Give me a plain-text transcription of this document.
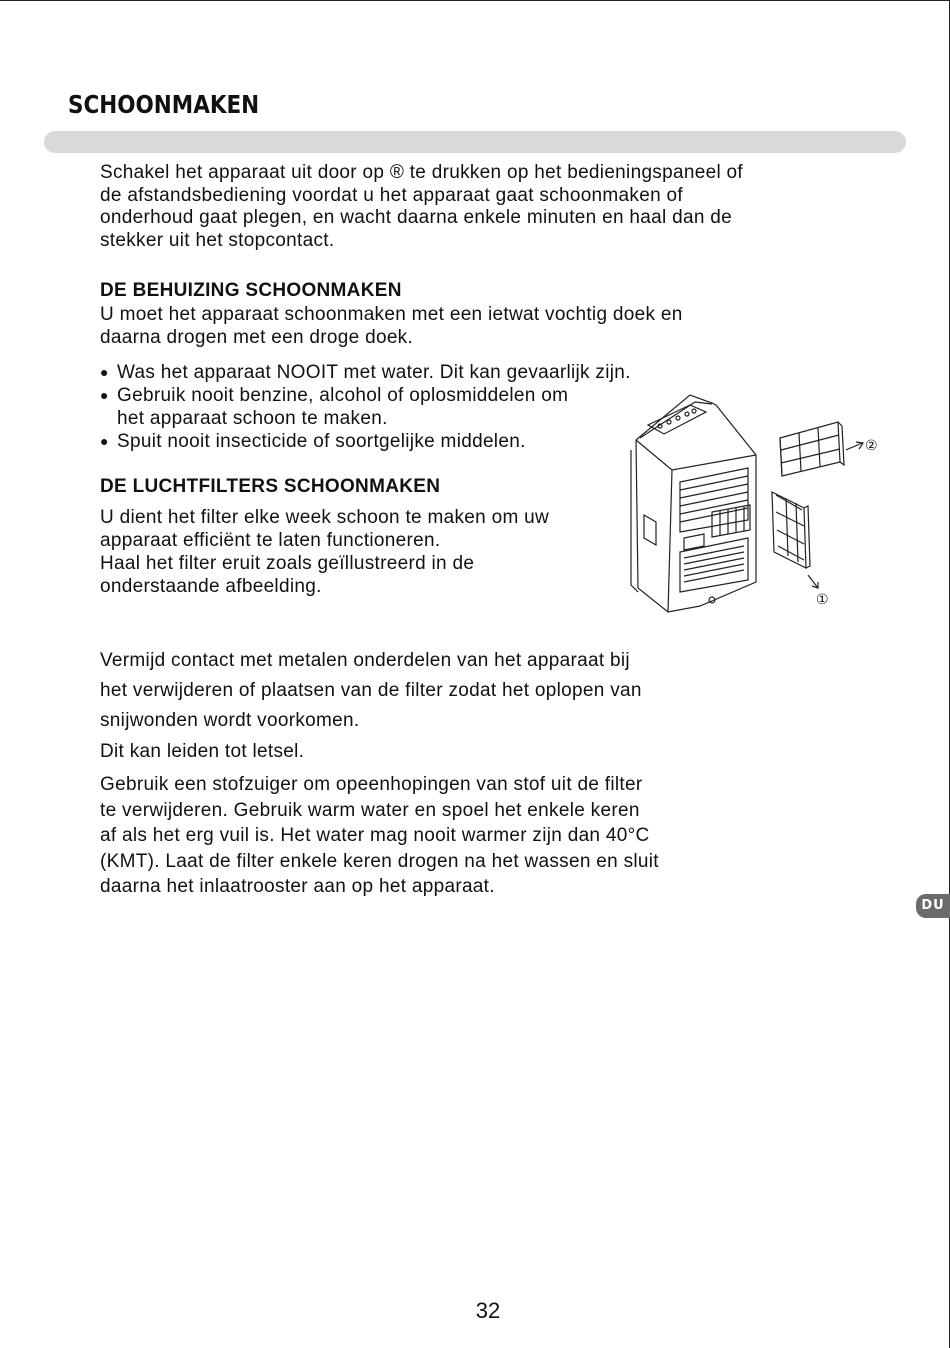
SCHOONMAKEN

Schakel het apparaat uit door op ® te drukken op het bedieningspaneel of
de afstandsbediening voordat u het apparaat gaat schoonmaken of
onderhoud gaat plegen, en wacht daarna enkele minuten en haal dan de
stekker uit het stopcontact.

DE BEHUIZING SCHOONMAKEN

U moet het apparaat schoonmaken met een ietwat vochtig doek en
daarna drogen met een droge doek.

● Was het apparaat NOOIT met water. Dit kan gevaarlijk zijn.
● Gebruik nooit benzine, alcohol of oplosmiddelen om
het apparaat schoon te maken.
● Spuit nooit insecticide of soortgelijke middelen.
DE LUCHTFILTERS SCHOONMAKEN

U dient het filter elke week schoon te maken om uw
apparaat efficiënt te laten functioneren.
Haal het filter eruit zoals geïllustreerd in de
onderstaande afbeelding.

②
①

Vermijd contact met metalen onderdelen van het apparaat bij
het verwijderen of plaatsen van de filter zodat het oplopen van
snijwonden wordt voorkomen.
Dit kan leiden tot letsel.

Gebruik een stofzuiger om opeenhopingen van stof uit de filter
te verwijderen. Gebruik warm water en spoel het enkele keren
af als het erg vuil is. Het water mag nooit warmer zijn dan 40°C
(KMT). Laat de filter enkele keren drogen na het wassen en sluit
daarna het inlaatrooster aan op het apparaat.

DU
32
